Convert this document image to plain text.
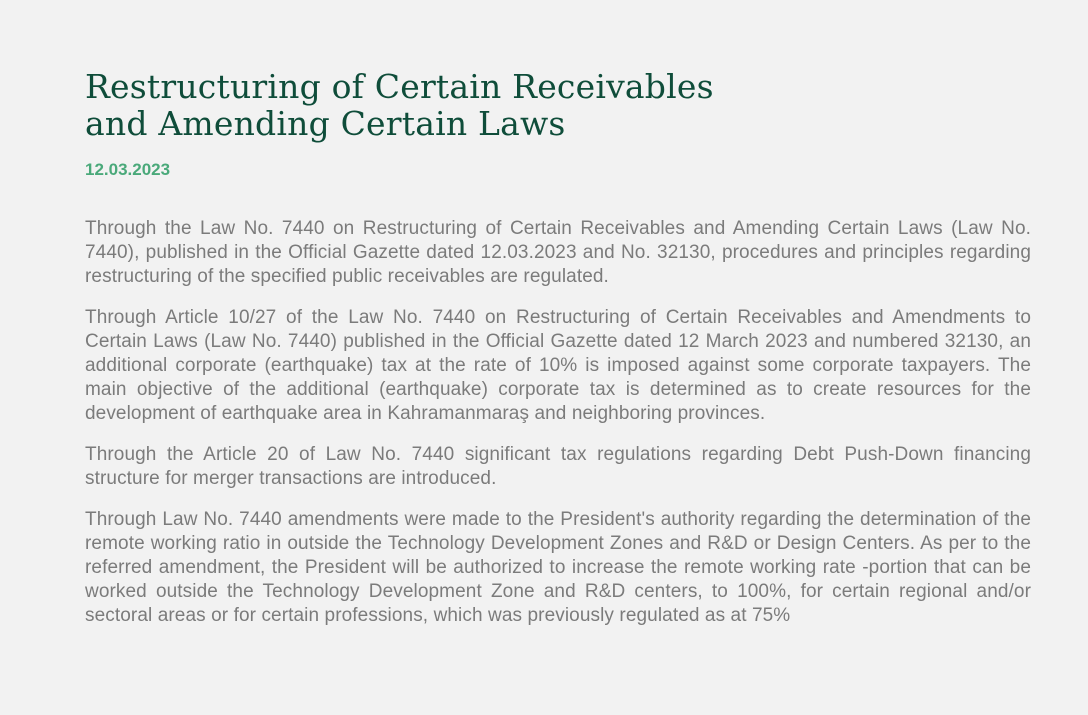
Restructuring of Certain Receivables
and Amending Certain Laws
12.03.2023

Through the Law No. 7440 on Restructuring of Certain Receivables and Amending Certain Laws (Law No. 7440), published in the Official Gazette dated 12.03.2023 and No. 32130, procedures and principles regarding restructuring of the specified public receivables are regulated.

Through Article 10/27 of the Law No. 7440 on Restructuring of Certain Receivables and Amendments to Certain Laws (Law No. 7440) published in the Official Gazette dated 12 March 2023 and numbered 32130, an additional corporate (earthquake) tax at the rate of 10% is imposed against some corporate taxpayers. The main objective of the additional (earthquake) corporate tax is determined as to create resources for the development of earthquake area in Kahramanmaraş and neighboring provinces.

Through the Article 20 of Law No. 7440 significant tax regulations regarding Debt Push-Down financing structure for merger transactions are introduced.

Through Law No. 7440 amendments were made to the President's authority regarding the determination of the remote working ratio in outside the Technology Development Zones and R&D or Design Centers. As per to the referred amendment, the President will be authorized to increase the remote working rate -portion that can be worked outside the Technology Development Zone and R&D centers, to 100%, for certain regional and/or sectoral areas or for certain professions, which was previously regulated as at 75%
